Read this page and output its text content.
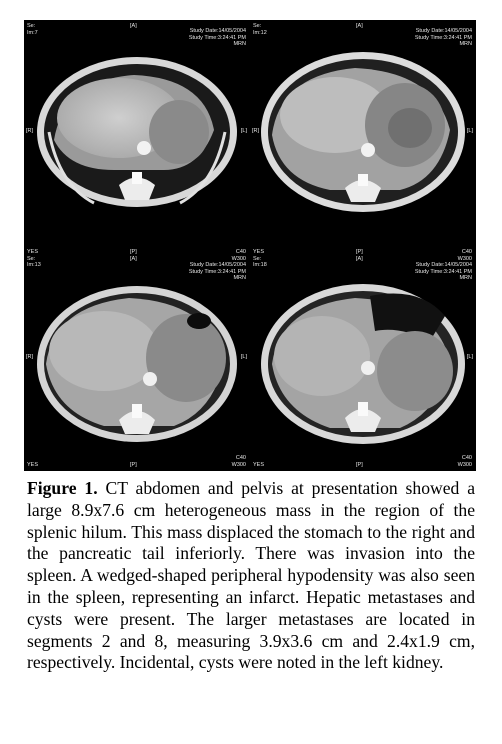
Se:
Im:7
[A]
Study Date:14/05/2004
Study Time:3:24:41 PM
MRN
[R]	[L]
Se:
Im:12
[A]
Study Date:14/05/2004
Study Time:3:24:41 PM
MRN
[R]	[L]
YES
Se:
Im:13
[P]
[A]
C40
W300
Study Date:14/05/2004
Study Time:3:24:41 PM
MRN
[R]	[L]
YES	[P]
C40
W300
YES
Se:
Im:18
[P]
[A]
C40
W300
Study Date:14/05/2004
Study Time:3:24:41 PM
MRN
[L]
YES	[P]
C40
W300
Figure 1. CT abdomen and pelvis at presentation showed a large 8.9x7.6 cm heterogeneous mass in the region of the splenic hilum. This mass displaced the stomach to the right and the pancreatic tail inferiorly. There was invasion into the spleen. A wedged-shaped peripheral hypodensity was also seen in the spleen, representing an infarct. Hepatic metastases and cysts were present. The larger metastases are located in segments 2 and 8, measuring 3.9x3.6 cm and 2.4x1.9 cm, respectively. Incidental, cysts were noted in the left kidney.
